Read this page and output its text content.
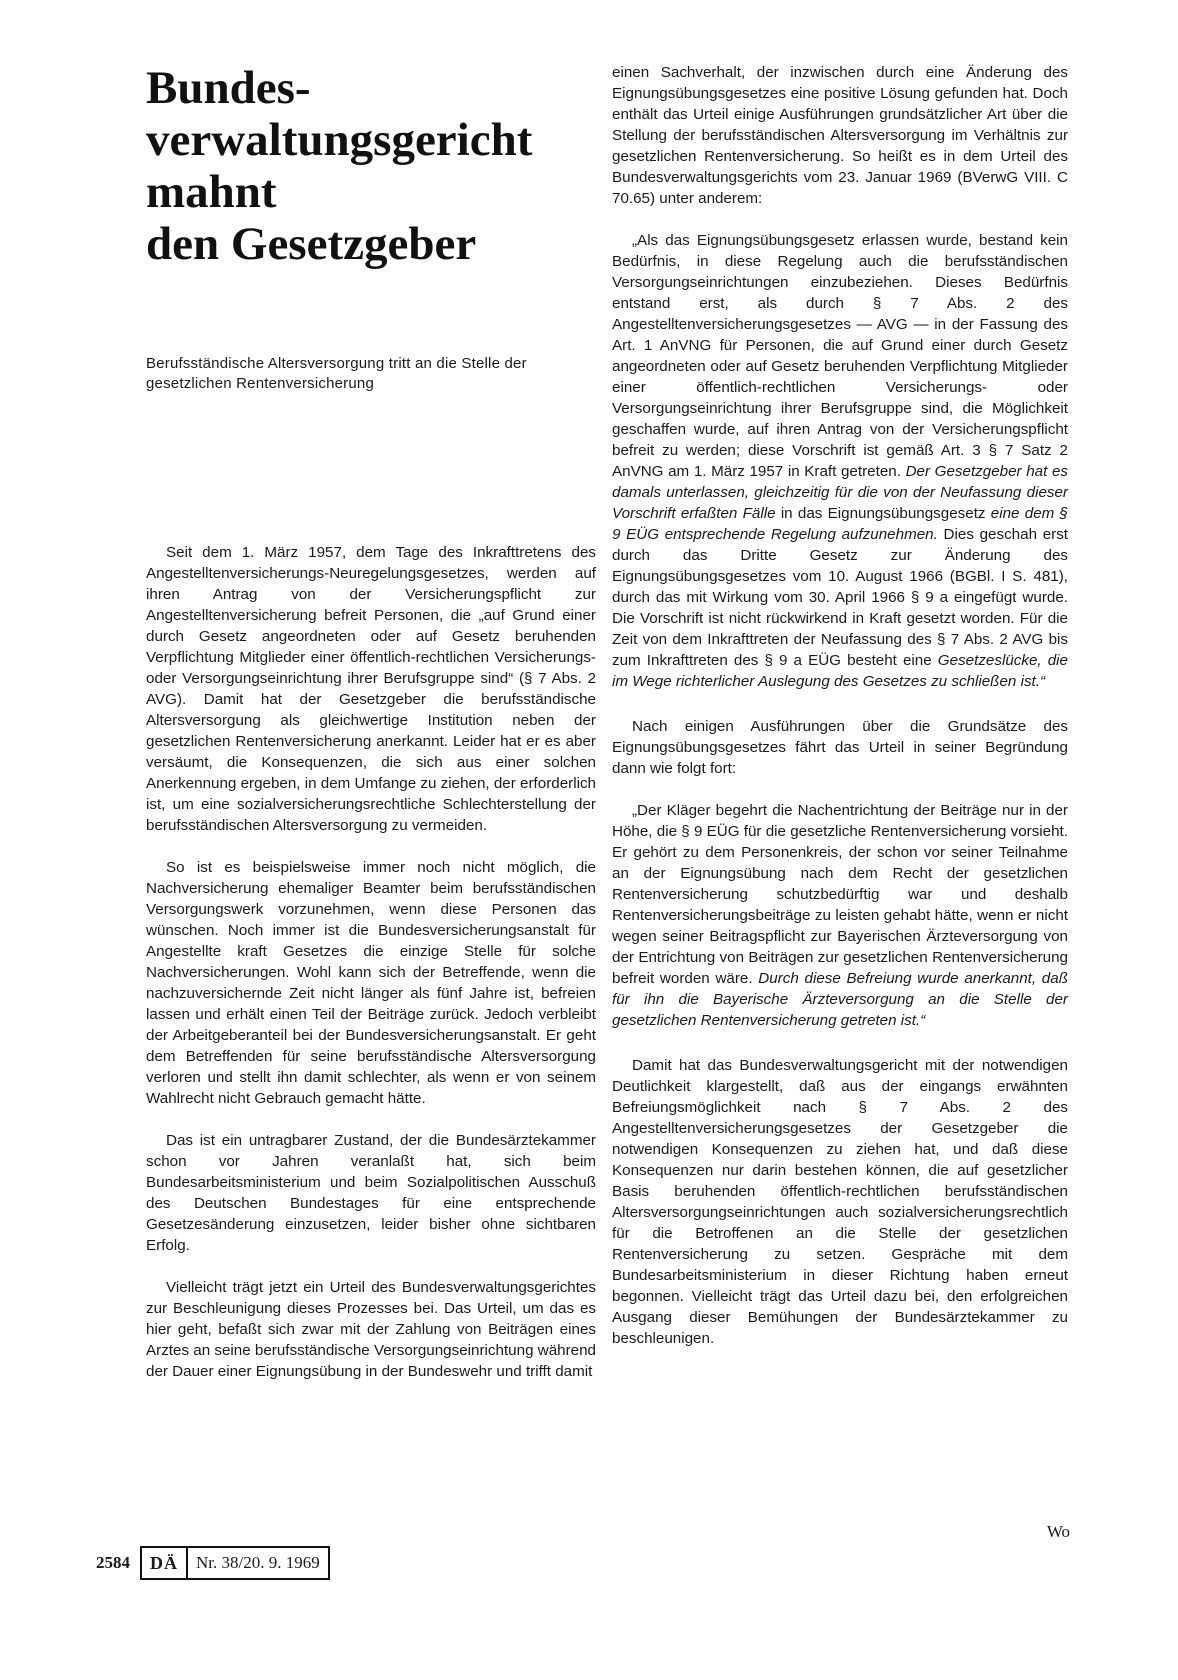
Bundes-
verwaltungsgericht
mahnt
den Gesetzgeber

Berufsständische Altersversorgung tritt an die Stelle der gesetzlichen Rentenversicherung

Seit dem 1. März 1957, dem Tage des Inkrafttretens des Angestelltenversicherungs-Neuregelungsgesetzes, werden auf ihren Antrag von der Versicherungspflicht zur Angestelltenversicherung befreit Personen, die „auf Grund einer durch Gesetz angeordneten oder auf Gesetz beruhenden Verpflichtung Mitglieder einer öffentlich-rechtlichen Versicherungs- oder Versorgungseinrichtung ihrer Berufsgruppe sind“ (§ 7 Abs. 2 AVG). Damit hat der Gesetzgeber die berufsständische Altersversorgung als gleichwertige Institution neben der gesetzlichen Rentenversicherung anerkannt. Leider hat er es aber versäumt, die Konsequenzen, die sich aus einer solchen Anerkennung ergeben, in dem Umfange zu ziehen, der erforderlich ist, um eine sozialversicherungsrechtliche Schlechterstellung der berufsständischen Altersversorgung zu vermeiden.

So ist es beispielsweise immer noch nicht möglich, die Nachversicherung ehemaliger Beamter beim berufsständischen Versorgungswerk vorzunehmen, wenn diese Personen das wünschen. Noch immer ist die Bundesversicherungsanstalt für Angestellte kraft Gesetzes die einzige Stelle für solche Nachversicherungen. Wohl kann sich der Betreffende, wenn die nachzuversichernde Zeit nicht länger als fünf Jahre ist, befreien lassen und erhält einen Teil der Beiträge zurück. Jedoch verbleibt der Arbeitgeberanteil bei der Bundesversicherungsanstalt. Er geht dem Betreffenden für seine berufsständische Altersversorgung verloren und stellt ihn damit schlechter, als wenn er von seinem Wahlrecht nicht Gebrauch gemacht hätte.

Das ist ein untragbarer Zustand, der die Bundesärztekammer schon vor Jahren veranlaßt hat, sich beim Bundesarbeitsministerium und beim Sozialpolitischen Ausschuß des Deutschen Bundestages für eine entsprechende Gesetzesänderung einzusetzen, leider bisher ohne sichtbaren Erfolg.

Vielleicht trägt jetzt ein Urteil des Bundesverwaltungsgerichtes zur Beschleunigung dieses Prozesses bei. Das Urteil, um das es hier geht, befaßt sich zwar mit der Zahlung von Beiträgen eines Arztes an seine berufsständische Versorgungseinrichtung während der Dauer einer Eignungsübung in der Bundeswehr und trifft damit

einen Sachverhalt, der inzwischen durch eine Änderung des Eignungsübungsgesetzes eine positive Lösung gefunden hat. Doch enthält das Urteil einige Ausführungen grundsätzlicher Art über die Stellung der berufsständischen Altersversorgung im Verhältnis zur gesetzlichen Rentenversicherung. So heißt es in dem Urteil des Bundesverwaltungsgerichts vom 23. Januar 1969 (BVerwG VIII. C 70.65) unter anderem:

„Als das Eignungsübungsgesetz erlassen wurde, bestand kein Bedürfnis, in diese Regelung auch die berufsständischen Versorgungseinrichtungen einzubeziehen. Dieses Bedürfnis entstand erst, als durch § 7 Abs. 2 des Angestelltenversicherungsgesetzes — AVG — in der Fassung des Art. 1 AnVNG für Personen, die auf Grund einer durch Gesetz angeordneten oder auf Gesetz beruhenden Verpflichtung Mitglieder einer öffentlich-rechtlichen Versicherungs- oder Versorgungseinrichtung ihrer Berufsgruppe sind, die Möglichkeit geschaffen wurde, auf ihren Antrag von der Versicherungspflicht befreit zu werden; diese Vorschrift ist gemäß Art. 3 § 7 Satz 2 AnVNG am 1. März 1957 in Kraft getreten. Der Gesetzgeber hat es damals unterlassen, gleichzeitig für die von der Neufassung dieser Vorschrift erfaßten Fälle in das Eignungsübungsgesetz eine dem § 9 EÜG entsprechende Regelung aufzunehmen. Dies geschah erst durch das Dritte Gesetz zur Änderung des Eignungsübungsgesetzes vom 10. August 1966 (BGBl. I S. 481), durch das mit Wirkung vom 30. April 1966 § 9 a eingefügt wurde. Die Vorschrift ist nicht rückwirkend in Kraft gesetzt worden. Für die Zeit von dem Inkrafttreten der Neufassung des § 7 Abs. 2 AVG bis zum Inkrafttreten des § 9 a EÜG besteht eine Gesetzeslücke, die im Wege richterlicher Auslegung des Gesetzes zu schließen ist.“

Nach einigen Ausführungen über die Grundsätze des Eignungsübungsgesetzes fährt das Urteil in seiner Begründung dann wie folgt fort:

„Der Kläger begehrt die Nachentrichtung der Beiträge nur in der Höhe, die § 9 EÜG für die gesetzliche Rentenversicherung vorsieht. Er gehört zu dem Personenkreis, der schon vor seiner Teilnahme an der Eignungsübung nach dem Recht der gesetzlichen Rentenversicherung schutzbedürftig war und deshalb Rentenversicherungsbeiträge zu leisten gehabt hätte, wenn er nicht wegen seiner Beitragspflicht zur Bayerischen Ärzteversorgung von der Entrichtung von Beiträgen zur gesetzlichen Rentenversicherung befreit worden wäre. Durch diese Befreiung wurde anerkannt, daß für ihn die Bayerische Ärzteversorgung an die Stelle der gesetzlichen Rentenversicherung getreten ist.“

Damit hat das Bundesverwaltungsgericht mit der notwendigen Deutlichkeit klargestellt, daß aus der eingangs erwähnten Befreiungsmöglichkeit nach § 7 Abs. 2 des Angestelltenversicherungsgesetzes der Gesetzgeber die notwendigen Konsequenzen zu ziehen hat, und daß diese Konsequenzen nur darin bestehen können, die auf gesetzlicher Basis beruhenden öffentlich-rechtlichen berufsständischen Altersversorgungseinrichtungen auch sozialversicherungsrechtlich für die Betroffenen an die Stelle der gesetzlichen Rentenversicherung zu setzen. Gespräche mit dem Bundesarbeitsministerium in dieser Richtung haben erneut begonnen. Vielleicht trägt das Urteil dazu bei, den erfolgreichen Ausgang dieser Bemühungen der Bundesärztekammer zu beschleunigen.

Wo
2584	DÄ	Nr. 38/20. 9. 1969
